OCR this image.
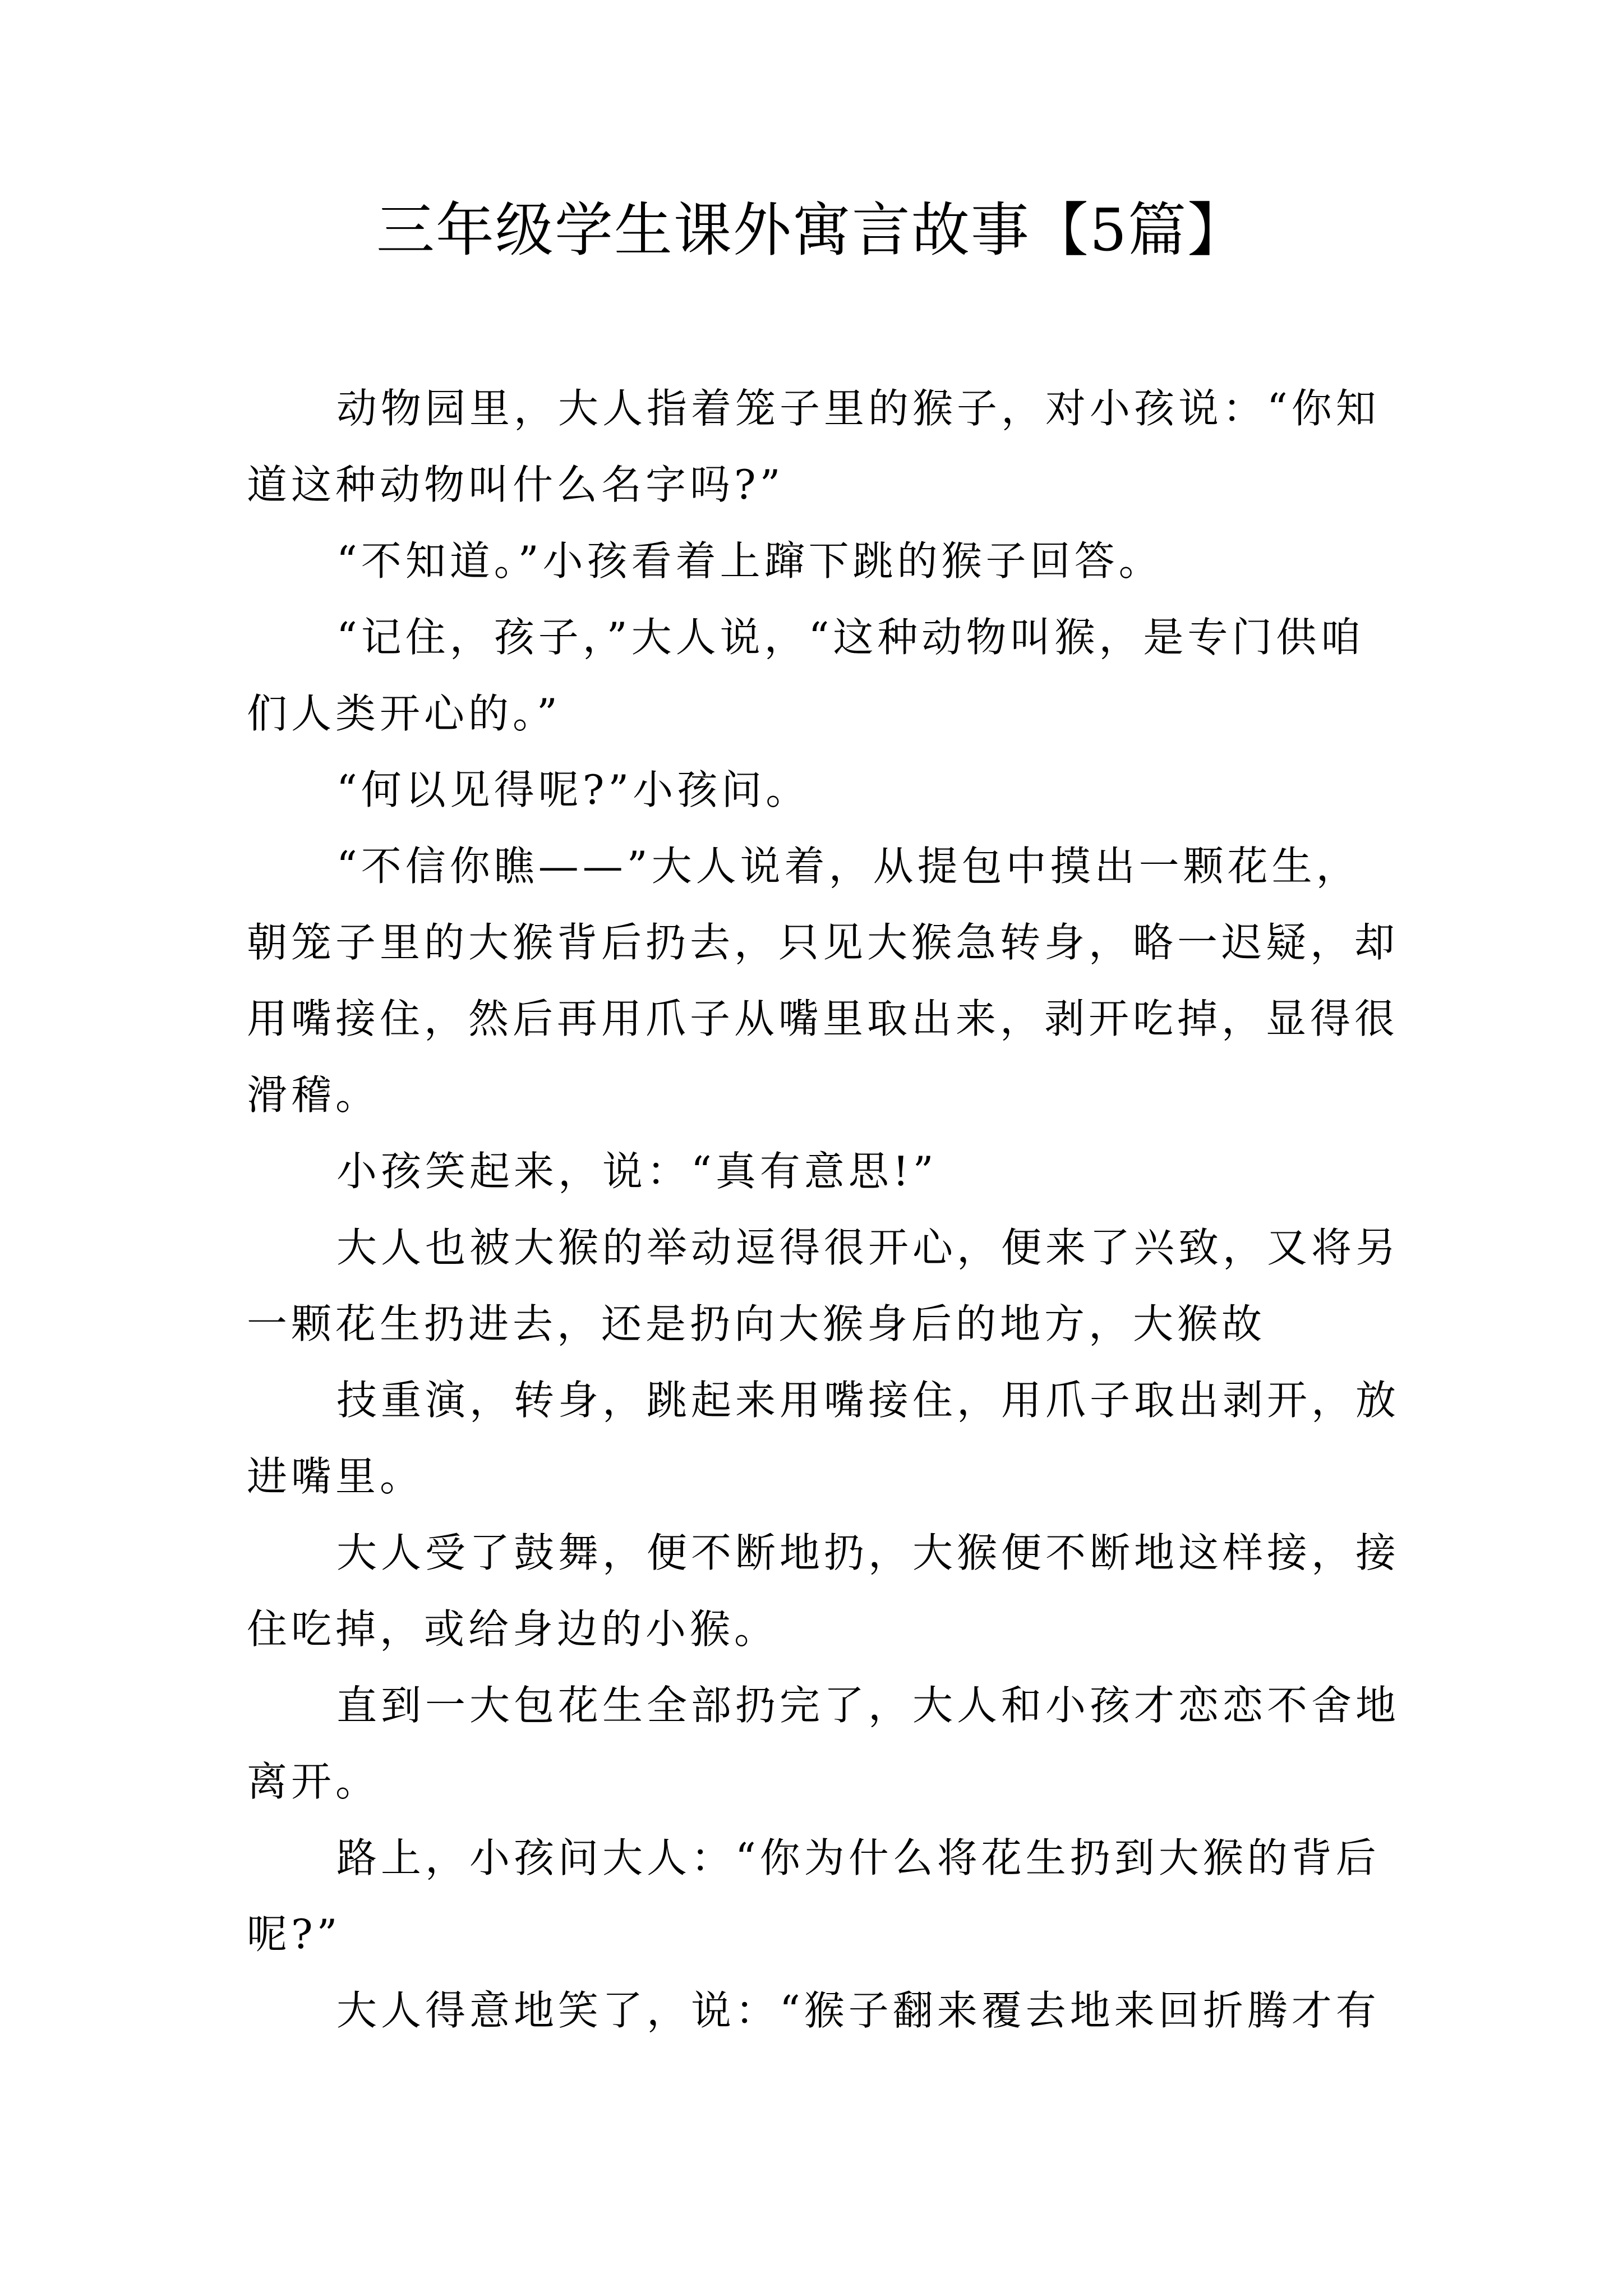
三年级学生课外寓言故事【5篇】

动物园里，大人指着笼子里的猴子，对小孩说：“你知

道这种动物叫什么名字吗?”

“不知道。”小孩看着上蹿下跳的猴子回答。

“记住，孩子，”大人说，“这种动物叫猴，是专门供咱

们人类开心的。”

“何以见得呢?”小孩问。

“不信你瞧——”大人说着，从提包中摸出一颗花生，

朝笼子里的大猴背后扔去，只见大猴急转身，略一迟疑，却

用嘴接住，然后再用爪子从嘴里取出来，剥开吃掉，显得很

滑稽。

小孩笑起来，说：“真有意思!”

大人也被大猴的举动逗得很开心，便来了兴致，又将另

一颗花生扔进去，还是扔向大猴身后的地方，大猴故

技重演，转身，跳起来用嘴接住，用爪子取出剥开，放

进嘴里。

大人受了鼓舞，便不断地扔，大猴便不断地这样接，接

住吃掉，或给身边的小猴。

直到一大包花生全部扔完了，大人和小孩才恋恋不舍地

离开。

路上，小孩问大人：“你为什么将花生扔到大猴的背后

呢?”

大人得意地笑了，说：“猴子翻来覆去地来回折腾才有
